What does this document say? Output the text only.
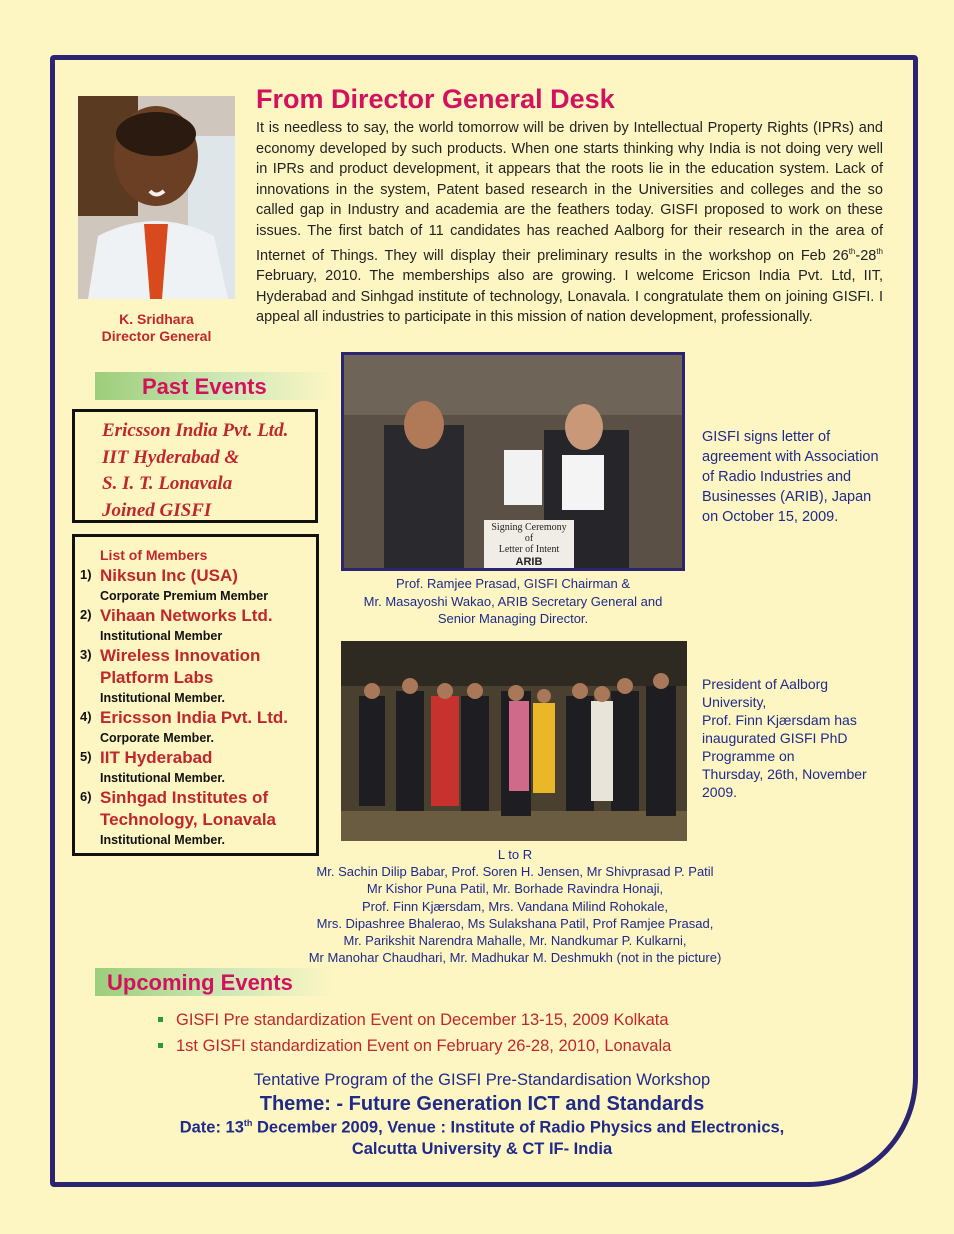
K. Sridhara
Director General
From Director General Desk

It is needless to say, the world tomorrow will be driven by Intellectual Property Rights (IPRs) and economy developed by such products. When one starts thinking why India is not doing very well in IPRs and product development, it appears that the roots lie in the education system. Lack of innovations in the system, Patent based research in the Universities and colleges and the so called gap in Industry and academia are the feathers today. GISFI proposed to work on these issues. The first batch of 11 candidates has reached Aalborg for their research in the area of Internet of Things. They will display their preliminary results in the workshop on Feb 26th-28th February, 2010. The memberships also are growing. I welcome Ericson India Pvt. Ltd, IIT, Hyderabad and Sinhgad institute of technology, Lonavala. I congratulate them on joining GISFI. I appeal all industries to participate in this mission of nation development, professionally.

Past Events
Ericsson India Pvt. Ltd.
IIT Hyderabad &
S. I. T. Lonavala
Joined GISFI
List of Members
1) Niksun Inc (USA)
Corporate Premium Member
2) Vihaan Networks Ltd.
Institutional Member
3) Wireless Innovation Platform Labs
Institutional Member.
4) Ericsson India Pvt. Ltd.
Corporate Member.
5) IIT Hyderabad
Institutional Member.
6) Sinhgad Institutes of Technology, Lonavala
Institutional Member.
Signing Ceremony
of
Letter of Intent
ARIB
Prof. Ramjee Prasad, GISFI Chairman &
Mr. Masayoshi Wakao, ARIB Secretary General and
Senior Managing Director.
GISFI signs letter of
agreement with Association
of Radio Industries and
Businesses (ARIB), Japan
on October 15, 2009.
President of Aalborg
University,
Prof. Finn Kjærsdam has
inaugurated GISFI PhD
Programme on
Thursday, 26th, November
2009.
L to R
Mr. Sachin Dilip Babar, Prof. Soren H. Jensen, Mr Shivprasad P. Patil
Mr Kishor Puna Patil, Mr. Borhade Ravindra Honaji,
Prof. Finn Kjærsdam, Mrs. Vandana Milind Rohokale,
Mrs. Dipashree Bhalerao, Ms Sulakshana Patil, Prof Ramjee Prasad,
Mr. Parikshit Narendra Mahalle, Mr. Nandkumar P. Kulkarni,
Mr Manohar Chaudhari, Mr. Madhukar M. Deshmukh (not in the picture)
Upcoming Events
GISFI Pre standardization Event on December 13-15, 2009 Kolkata
1st GISFI standardization Event on February 26-28, 2010, Lonavala
Tentative Program of the GISFI Pre-Standardisation Workshop
Theme: - Future Generation ICT and Standards
Date: 13th December 2009, Venue : Institute of Radio Physics and Electronics,
Calcutta University & CT IF- India
